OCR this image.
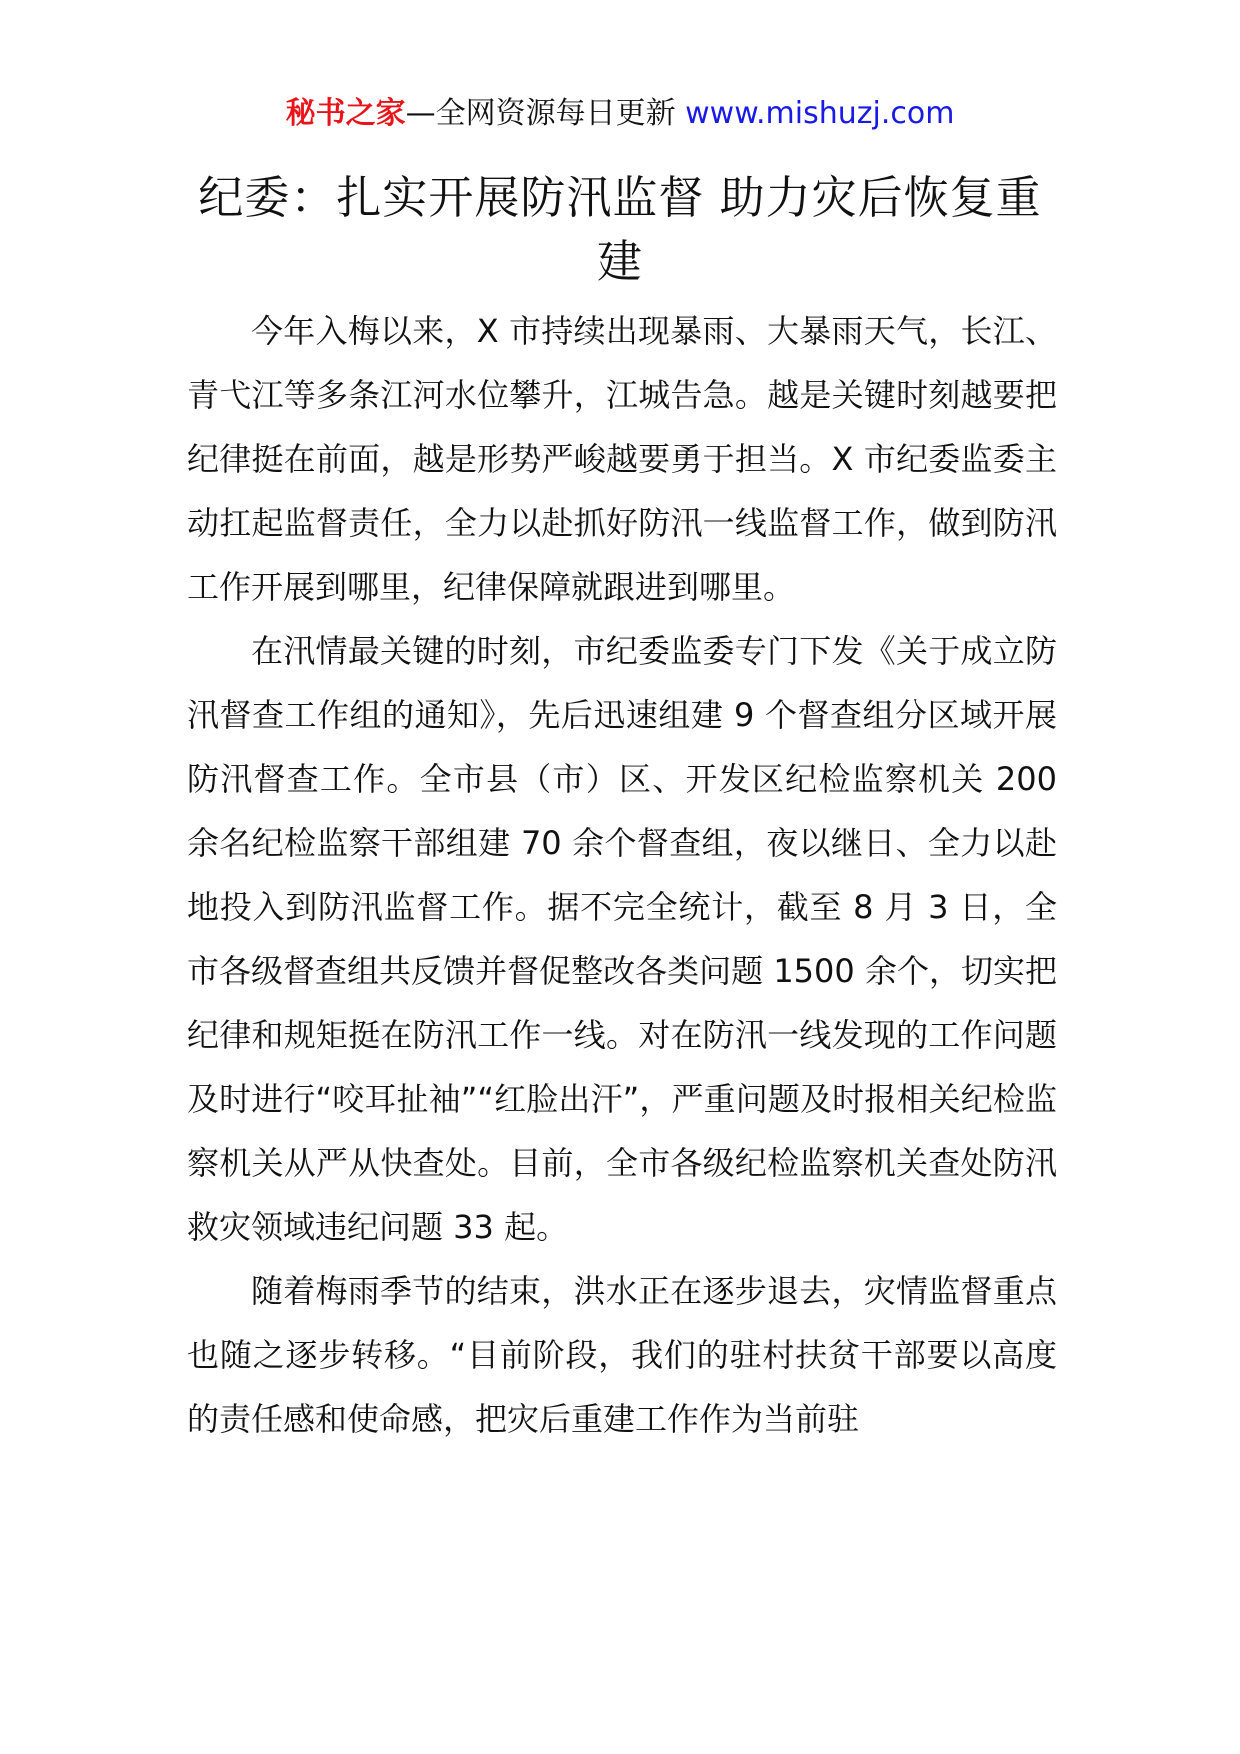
秘书之家—全网资源每日更新 www.mishuzj.com
纪委：扎实开展防汛监督 助力灾后恢复重建

今年入梅以来，X 市持续出现暴雨、大暴雨天气，长江、青弋江等多条江河水位攀升，江城告急。越是关键时刻越要把纪律挺在前面，越是形势严峻越要勇于担当。X 市纪委监委主动扛起监督责任，全力以赴抓好防汛一线监督工作，做到防汛工作开展到哪里，纪律保障就跟进到哪里。

在汛情最关键的时刻，市纪委监委专门下发《关于成立防汛督查工作组的通知》，先后迅速组建 9 个督查组分区域开展防汛督查工作。全市县（市）区、开发区纪检监察机关 200 余名纪检监察干部组建 70 余个督查组，夜以继日、全力以赴地投入到防汛监督工作。据不完全统计，截至 8 月 3 日，全市各级督查组共反馈并督促整改各类问题 1500 余个，切实把纪律和规矩挺在防汛工作一线。对在防汛一线发现的工作问题及时进行“咬耳扯袖”“红脸出汗”，严重问题及时报相关纪检监察机关从严从快查处。目前，全市各级纪检监察机关查处防汛救灾领域违纪问题 33 起。

随着梅雨季节的结束，洪水正在逐步退去，灾情监督重点也随之逐步转移。“目前阶段，我们的驻村扶贫干部要以高度的责任感和使命感，把灾后重建工作作为当前驻
